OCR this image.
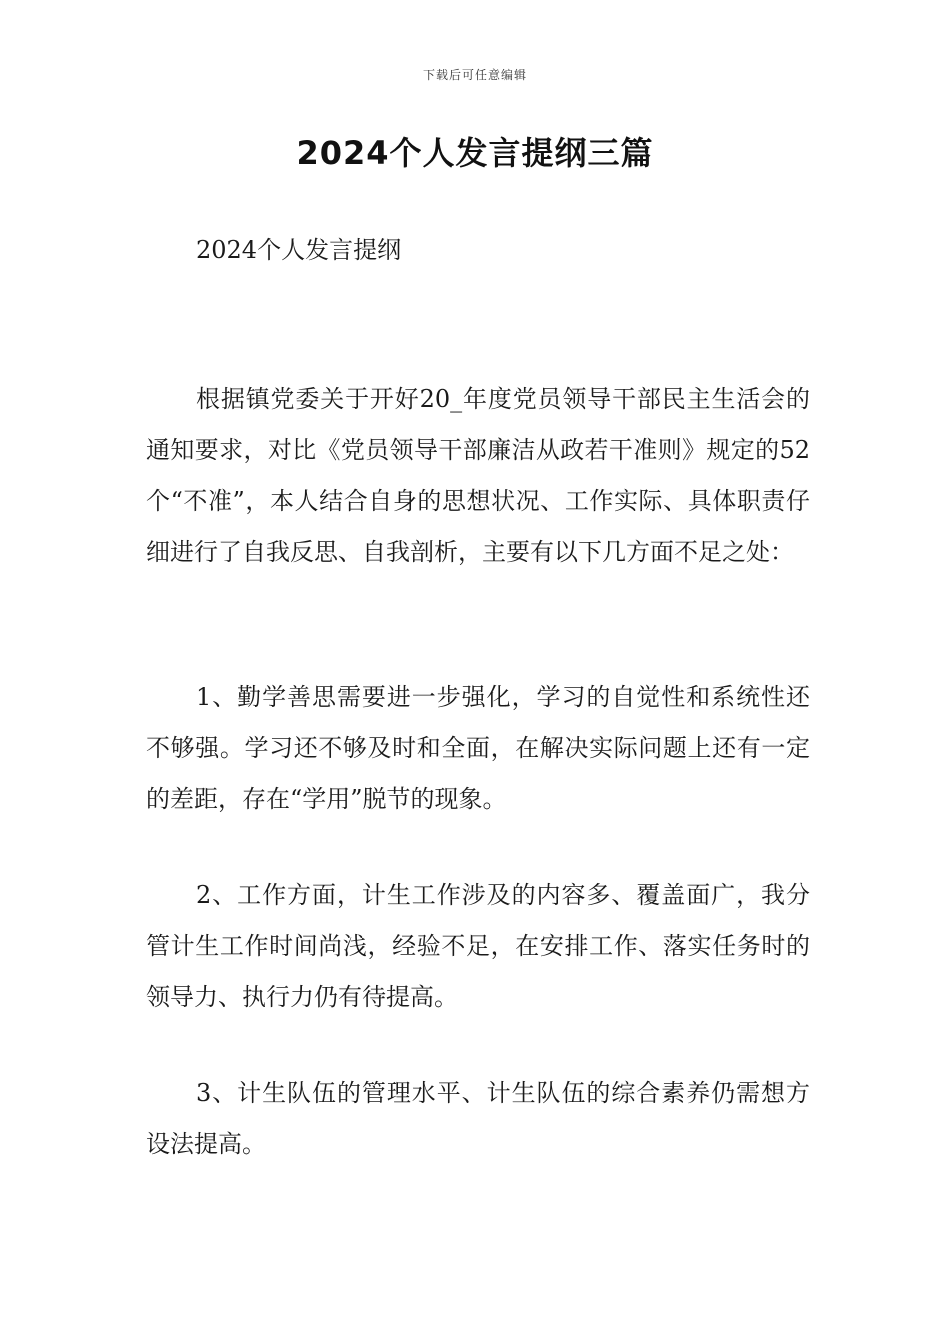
下载后可任意编辑
2024个人发言提纲三篇

2024个人发言提纲

根据镇党委关于开好20_年度党员领导干部民主生活会的通知要求，对比《党员领导干部廉洁从政若干准则》规定的52个“不准”，本人结合自身的思想状况、工作实际、具体职责仔细进行了自我反思、自我剖析，主要有以下几方面不足之处：

1、勤学善思需要进一步强化，学习的自觉性和系统性还不够强。学习还不够及时和全面，在解决实际问题上还有一定的差距，存在“学用”脱节的现象。

2、工作方面，计生工作涉及的内容多、覆盖面广，我分管计生工作时间尚浅，经验不足，在安排工作、落实任务时的领导力、执行力仍有待提高。

3、计生队伍的管理水平、计生队伍的综合素养仍需想方设法提高。
